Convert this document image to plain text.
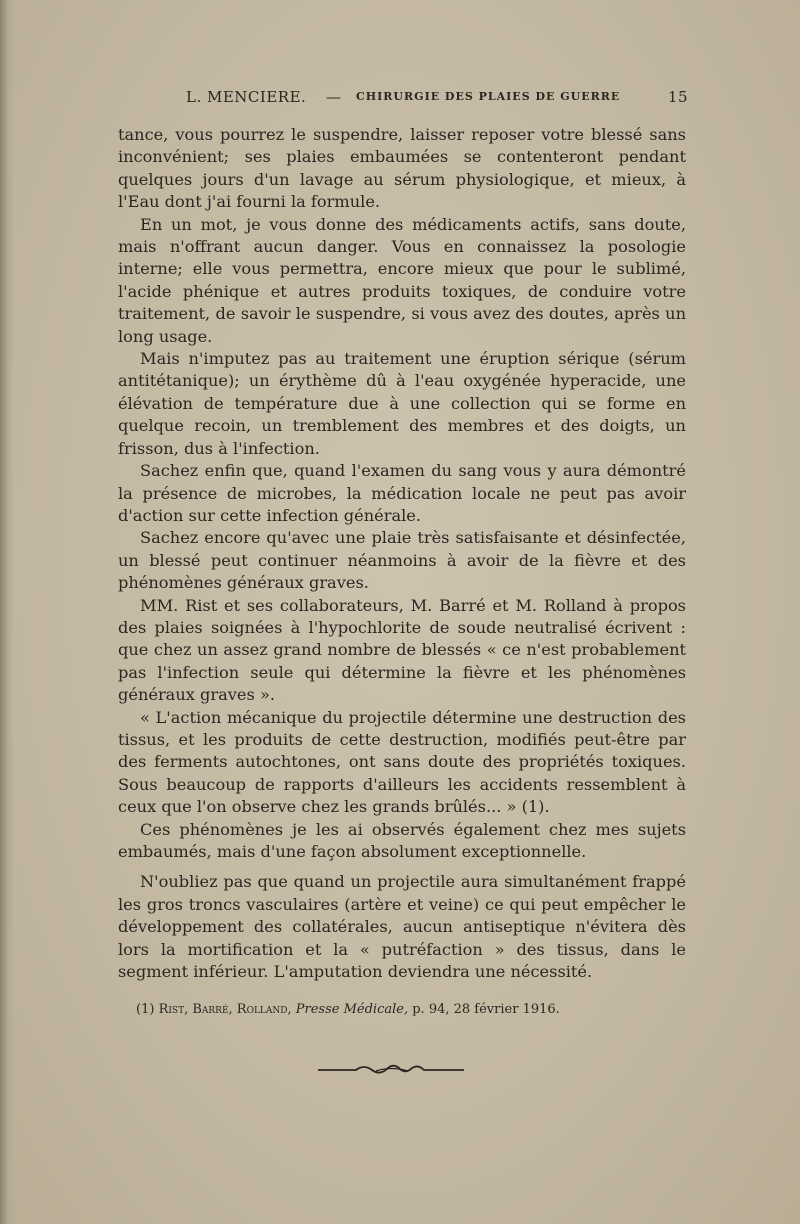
L. MENCIERE. — CHIRURGIE DES PLAIES DE GUERRE	15

tance, vous pourrez le suspendre, laisser reposer votre blessé sans inconvénient; ses plaies embaumées se contenteront pendant quelques jours d'un lavage au sérum physiologique, et mieux, à l'Eau dont j'ai fourni la formule.

En un mot, je vous donne des médicaments actifs, sans doute, mais n'offrant aucun danger. Vous en connaissez la posologie interne; elle vous permettra, encore mieux que pour le sublimé, l'acide phénique et autres produits toxiques, de conduire votre traitement, de savoir le suspendre, si vous avez des doutes, après un long usage.

Mais n'imputez pas au traitement une éruption sérique (sérum antitétanique); un érythème dû à l'eau oxygénée hyperacide, une élévation de température due à une collection qui se forme en quelque recoin, un tremblement des membres et des doigts, un frisson, dus à l'infection.

Sachez enfin que, quand l'examen du sang vous y aura démontré la présence de microbes, la médication locale ne peut pas avoir d'action sur cette infection générale.

Sachez encore qu'avec une plaie très satisfaisante et désinfectée, un blessé peut continuer néanmoins à avoir de la fièvre et des phénomènes généraux graves.

MM. Rist et ses collaborateurs, M. Barré et M. Rolland à propos des plaies soignées à l'hypochlorite de soude neutralisé écrivent : que chez un assez grand nombre de blessés « ce n'est probablement pas l'infection seule qui détermine la fièvre et les phénomènes généraux graves ».

« L'action mécanique du projectile détermine une destruction des tissus, et les produits de cette destruction, modifiés peut-être par des ferments autochtones, ont sans doute des propriétés toxiques. Sous beaucoup de rapports d'ailleurs les accidents ressemblent à ceux que l'on observe chez les grands brûlés... » (1).

Ces phénomènes je les ai observés également chez mes sujets embaumés, mais d'une façon absolument exceptionnelle.

N'oubliez pas que quand un projectile aura simultanément frappé les gros troncs vasculaires (artère et veine) ce qui peut empêcher le développement des collatérales, aucun antiseptique n'évitera dès lors la mortification et la « putréfaction » des tissus, dans le segment inférieur. L'amputation deviendra une nécessité.

(1) Rist, Barré, Rolland, Presse Médicale, p. 94, 28 février 1916.
